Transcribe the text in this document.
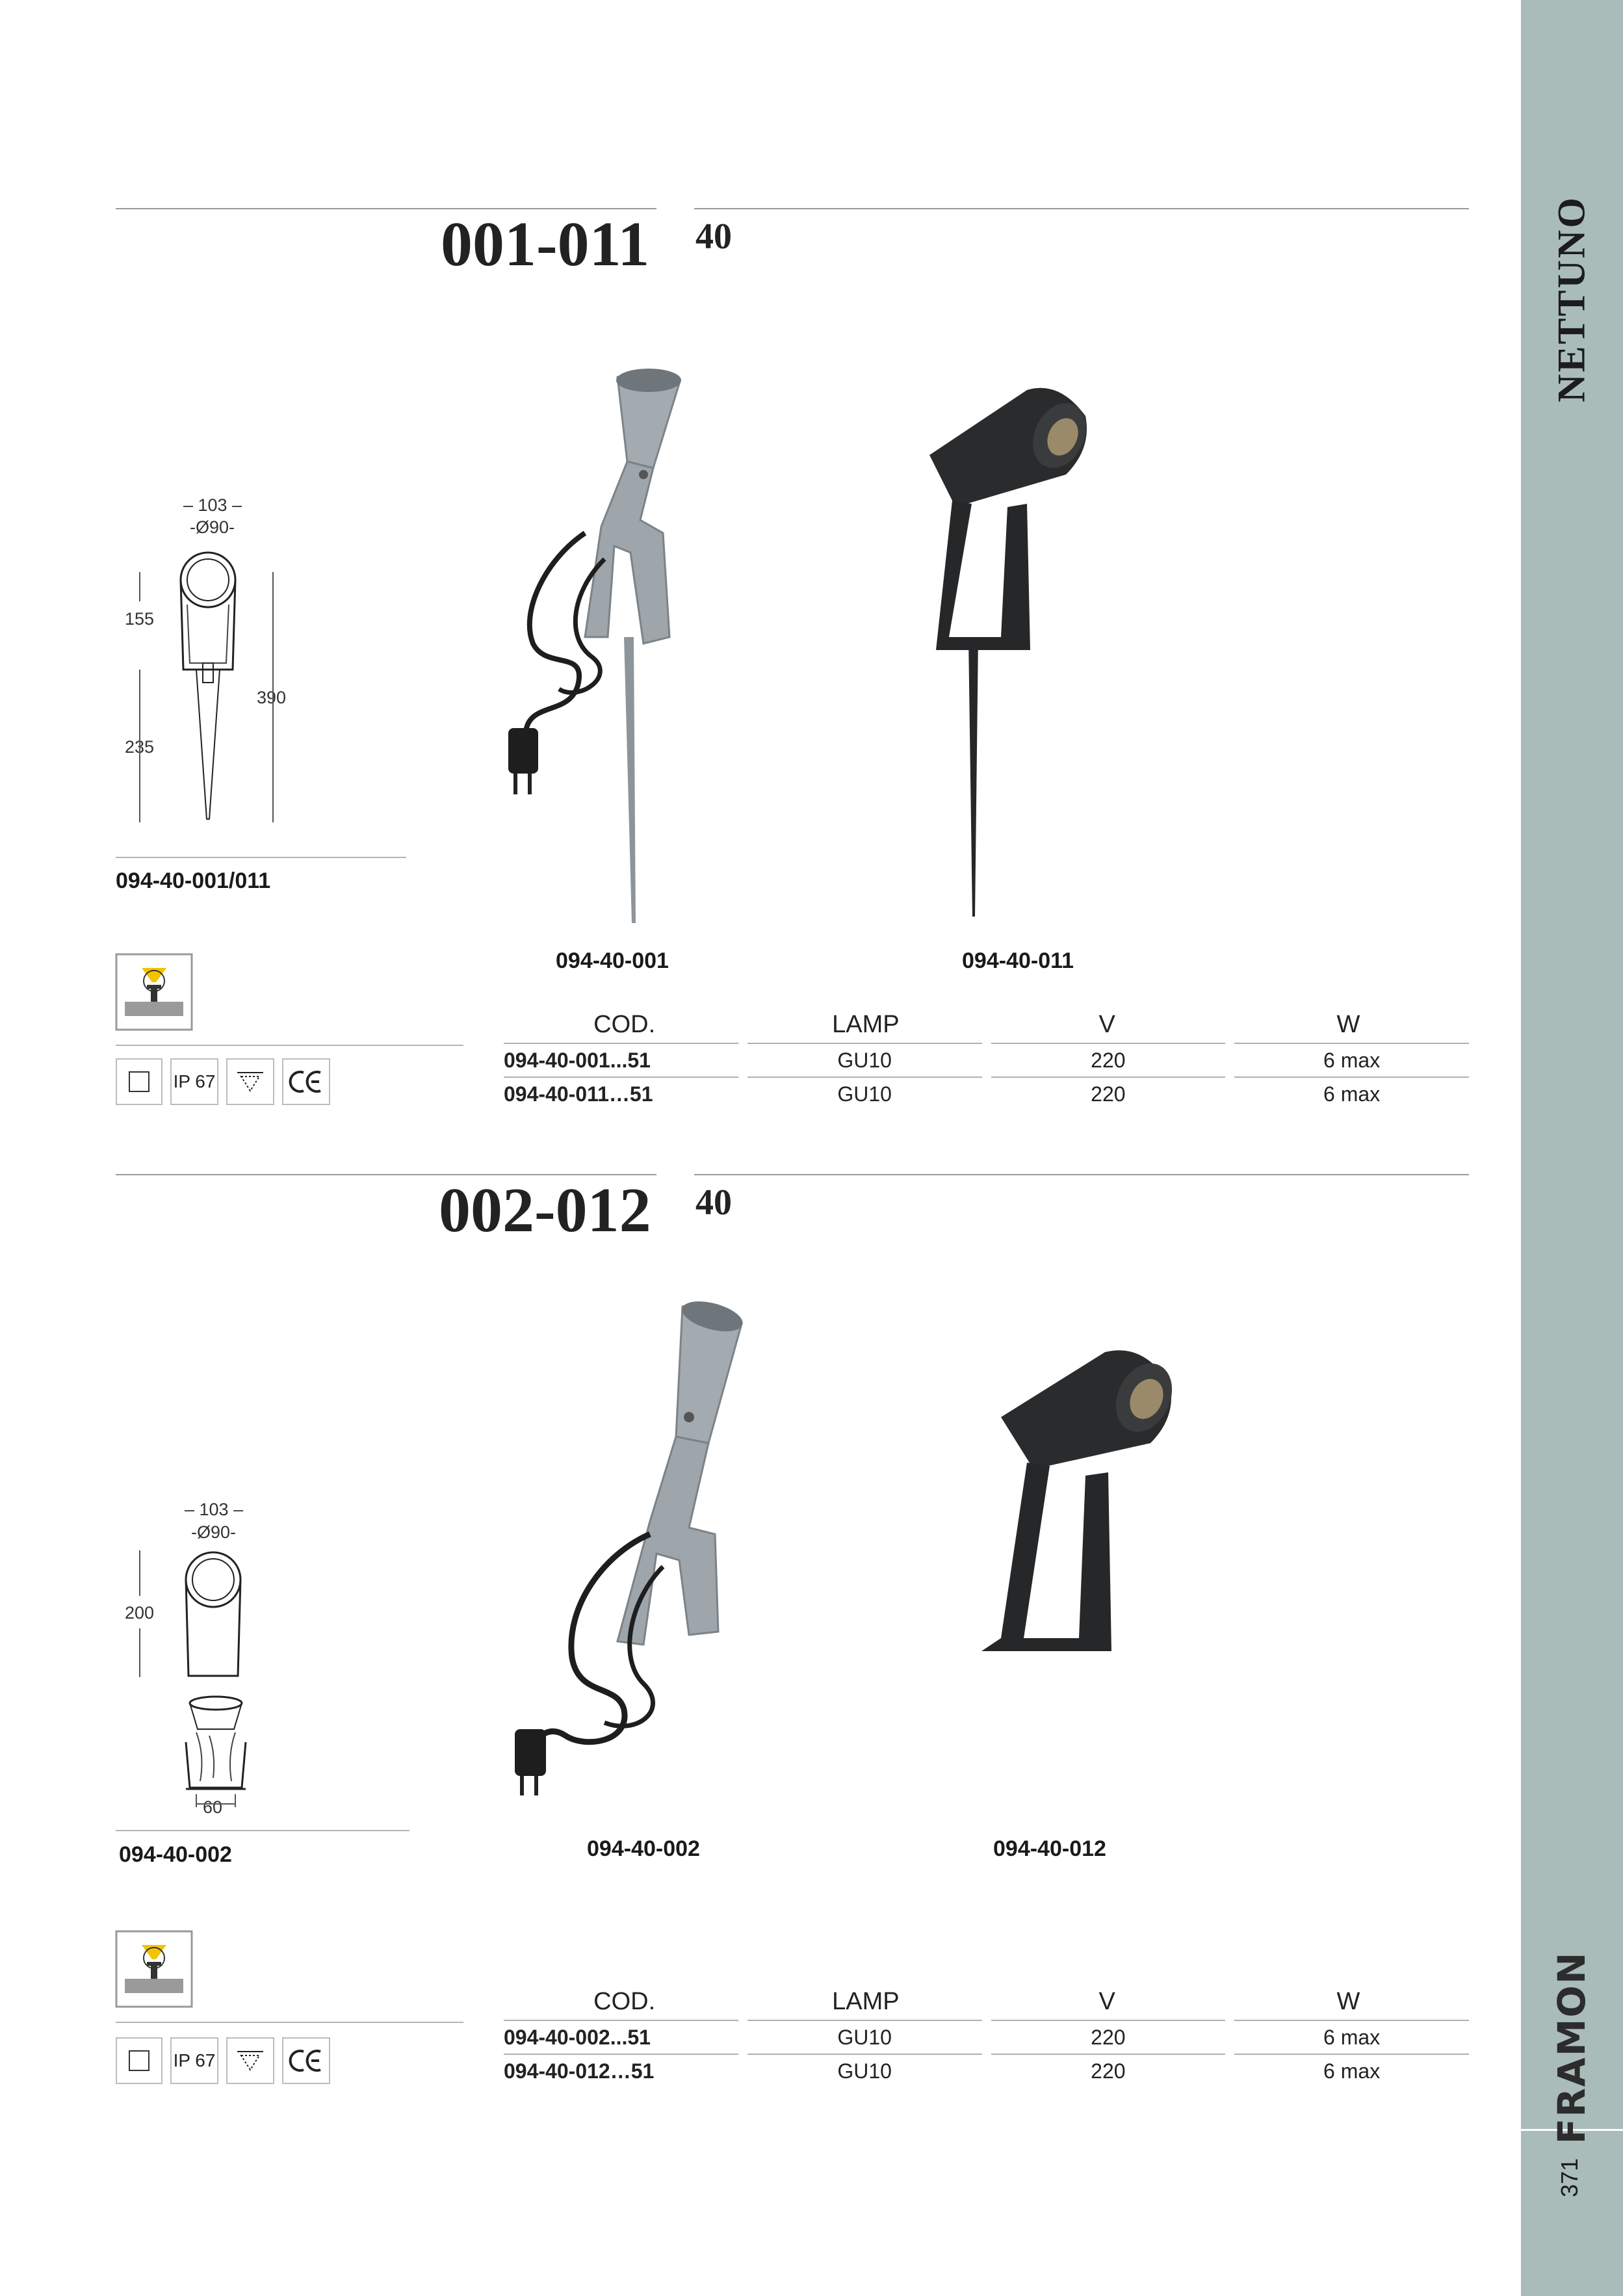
NETTUNO
FRAMON
371
001-011 40
– 103 –
-Ø90-
155
235
390
094-40-001/011
094-40-001	094-40-011
IP 67
COD.	LAMP	V	W
094-40-001...51	GU10	220	6 max
094-40-011…51	GU10	220	6 max
002-012 40
– 103 –
-Ø90-
200
60
094-40-002	094-40-002	094-40-012
IP 67
COD.	LAMP	V	W
094-40-002...51	GU10	220	6 max
094-40-012…51	GU10	220	6 max
